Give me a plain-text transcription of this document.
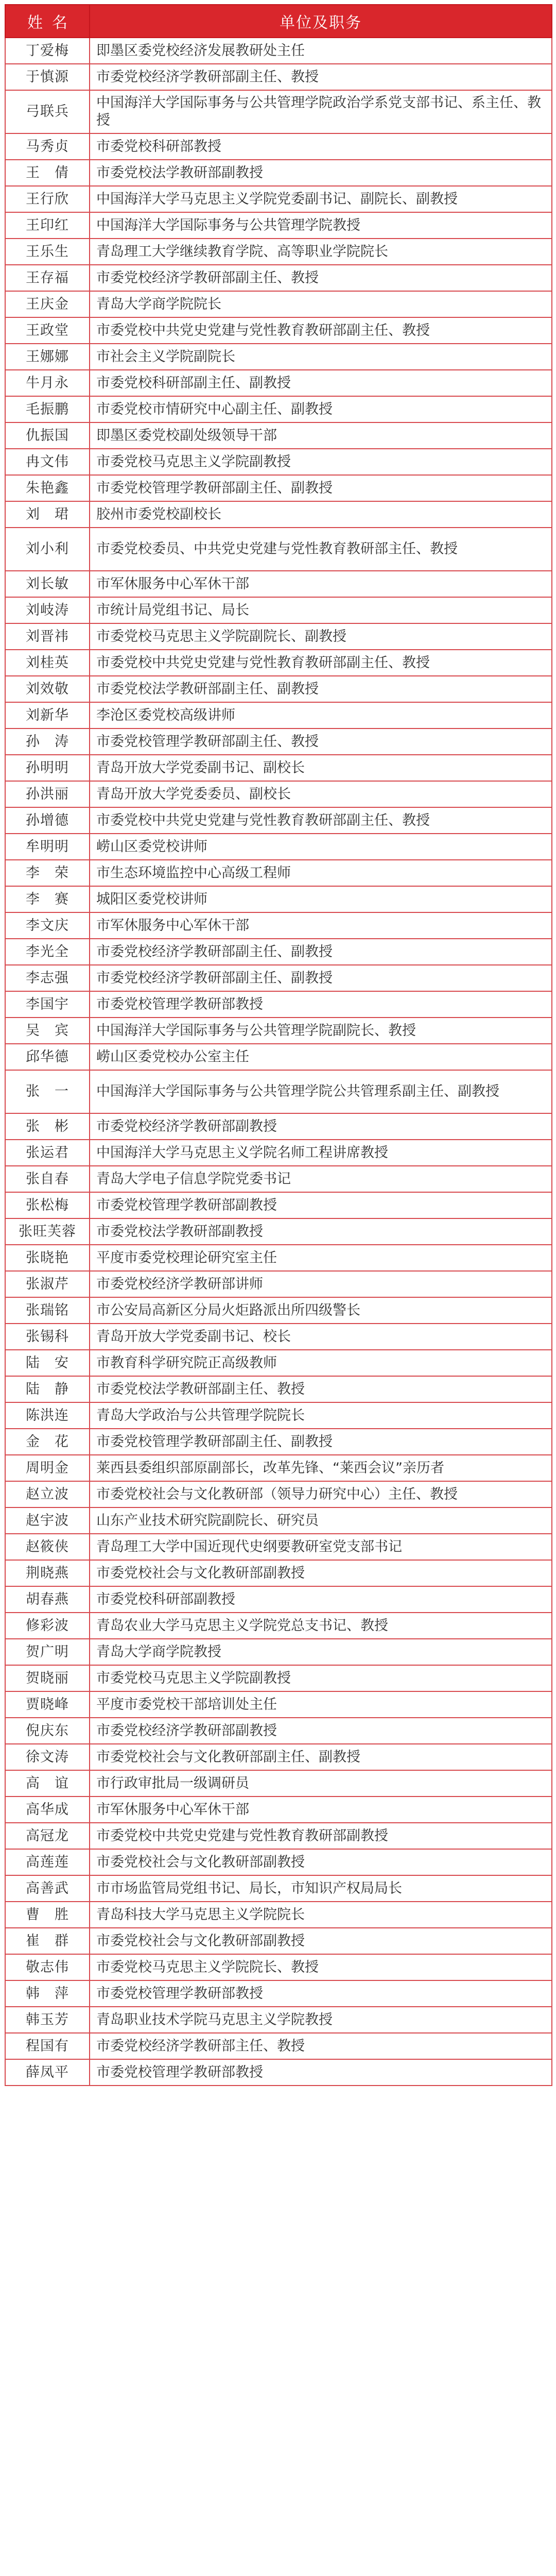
姓名	单位及职务
丁爱梅	即墨区委党校经济发展教研处主任
于慎源	市委党校经济学教研部副主任、教授
弓联兵	中国海洋大学国际事务与公共管理学院政治学系党支部书记、系主任、教授
马秀贞	市委党校科研部教授
王　倩	市委党校法学教研部副教授
王行欣	中国海洋大学马克思主义学院党委副书记、副院长、副教授
王印红	中国海洋大学国际事务与公共管理学院教授
王乐生	青岛理工大学继续教育学院、高等职业学院院长
王存福	市委党校经济学教研部副主任、教授
王庆金	青岛大学商学院院长
王政堂	市委党校中共党史党建与党性教育教研部副主任、教授
王娜娜	市社会主义学院副院长
牛月永	市委党校科研部副主任、副教授
毛振鹏	市委党校市情研究中心副主任、副教授
仇振国	即墨区委党校副处级领导干部
冉文伟	市委党校马克思主义学院副教授
朱艳鑫	市委党校管理学教研部副主任、副教授
刘　珺	胶州市委党校副校长
刘小利	市委党校委员、中共党史党建与党性教育教研部主任、教授
刘长敏	市军休服务中心军休干部
刘岐涛	市统计局党组书记、局长
刘晋祎	市委党校马克思主义学院副院长、副教授
刘桂英	市委党校中共党史党建与党性教育教研部副主任、教授
刘效敬	市委党校法学教研部副主任、副教授
刘新华	李沧区委党校高级讲师
孙　涛	市委党校管理学教研部副主任、教授
孙明明	青岛开放大学党委副书记、副校长
孙洪丽	青岛开放大学党委委员、副校长
孙增德	市委党校中共党史党建与党性教育教研部副主任、教授
牟明明	崂山区委党校讲师
李　荣	市生态环境监控中心高级工程师
李　赛	城阳区委党校讲师
李文庆	市军休服务中心军休干部
李光全	市委党校经济学教研部副主任、副教授
李志强	市委党校经济学教研部副主任、副教授
李国宇	市委党校管理学教研部教授
吴　宾	中国海洋大学国际事务与公共管理学院副院长、教授
邱华德	崂山区委党校办公室主任
张　一	中国海洋大学国际事务与公共管理学院公共管理系副主任、副教授
张　彬	市委党校经济学教研部副教授
张运君	中国海洋大学马克思主义学院名师工程讲席教授
张自春	青岛大学电子信息学院党委书记
张松梅	市委党校管理学教研部副教授
张旺芙蓉	市委党校法学教研部副教授
张晓艳	平度市委党校理论研究室主任
张淑芹	市委党校经济学教研部讲师
张瑞铭	市公安局高新区分局火炬路派出所四级警长
张锡科	青岛开放大学党委副书记、校长
陆　安	市教育科学研究院正高级教师
陆　静	市委党校法学教研部副主任、教授
陈洪连	青岛大学政治与公共管理学院院长
金　花	市委党校管理学教研部副主任、副教授
周明金	莱西县委组织部原副部长，改革先锋、“莱西会议”亲历者
赵立波	市委党校社会与文化教研部（领导力研究中心）主任、教授
赵宇波	山东产业技术研究院副院长、研究员
赵筱侠	青岛理工大学中国近现代史纲要教研室党支部书记
荆晓燕	市委党校社会与文化教研部副教授
胡春燕	市委党校科研部副教授
修彩波	青岛农业大学马克思主义学院党总支书记、教授
贺广明	青岛大学商学院教授
贺晓丽	市委党校马克思主义学院副教授
贾晓峰	平度市委党校干部培训处主任
倪庆东	市委党校经济学教研部副教授
徐文涛	市委党校社会与文化教研部副主任、副教授
高　谊	市行政审批局一级调研员
高华成	市军休服务中心军休干部
高冠龙	市委党校中共党史党建与党性教育教研部副教授
高莲莲	市委党校社会与文化教研部副教授
高善武	市市场监管局党组书记、局长，市知识产权局局长
曹　胜	青岛科技大学马克思主义学院院长
崔　群	市委党校社会与文化教研部副教授
敬志伟	市委党校马克思主义学院院长、教授
韩　萍	市委党校管理学教研部教授
韩玉芳	青岛职业技术学院马克思主义学院教授
程国有	市委党校经济学教研部主任、教授
薛凤平	市委党校管理学教研部教授
